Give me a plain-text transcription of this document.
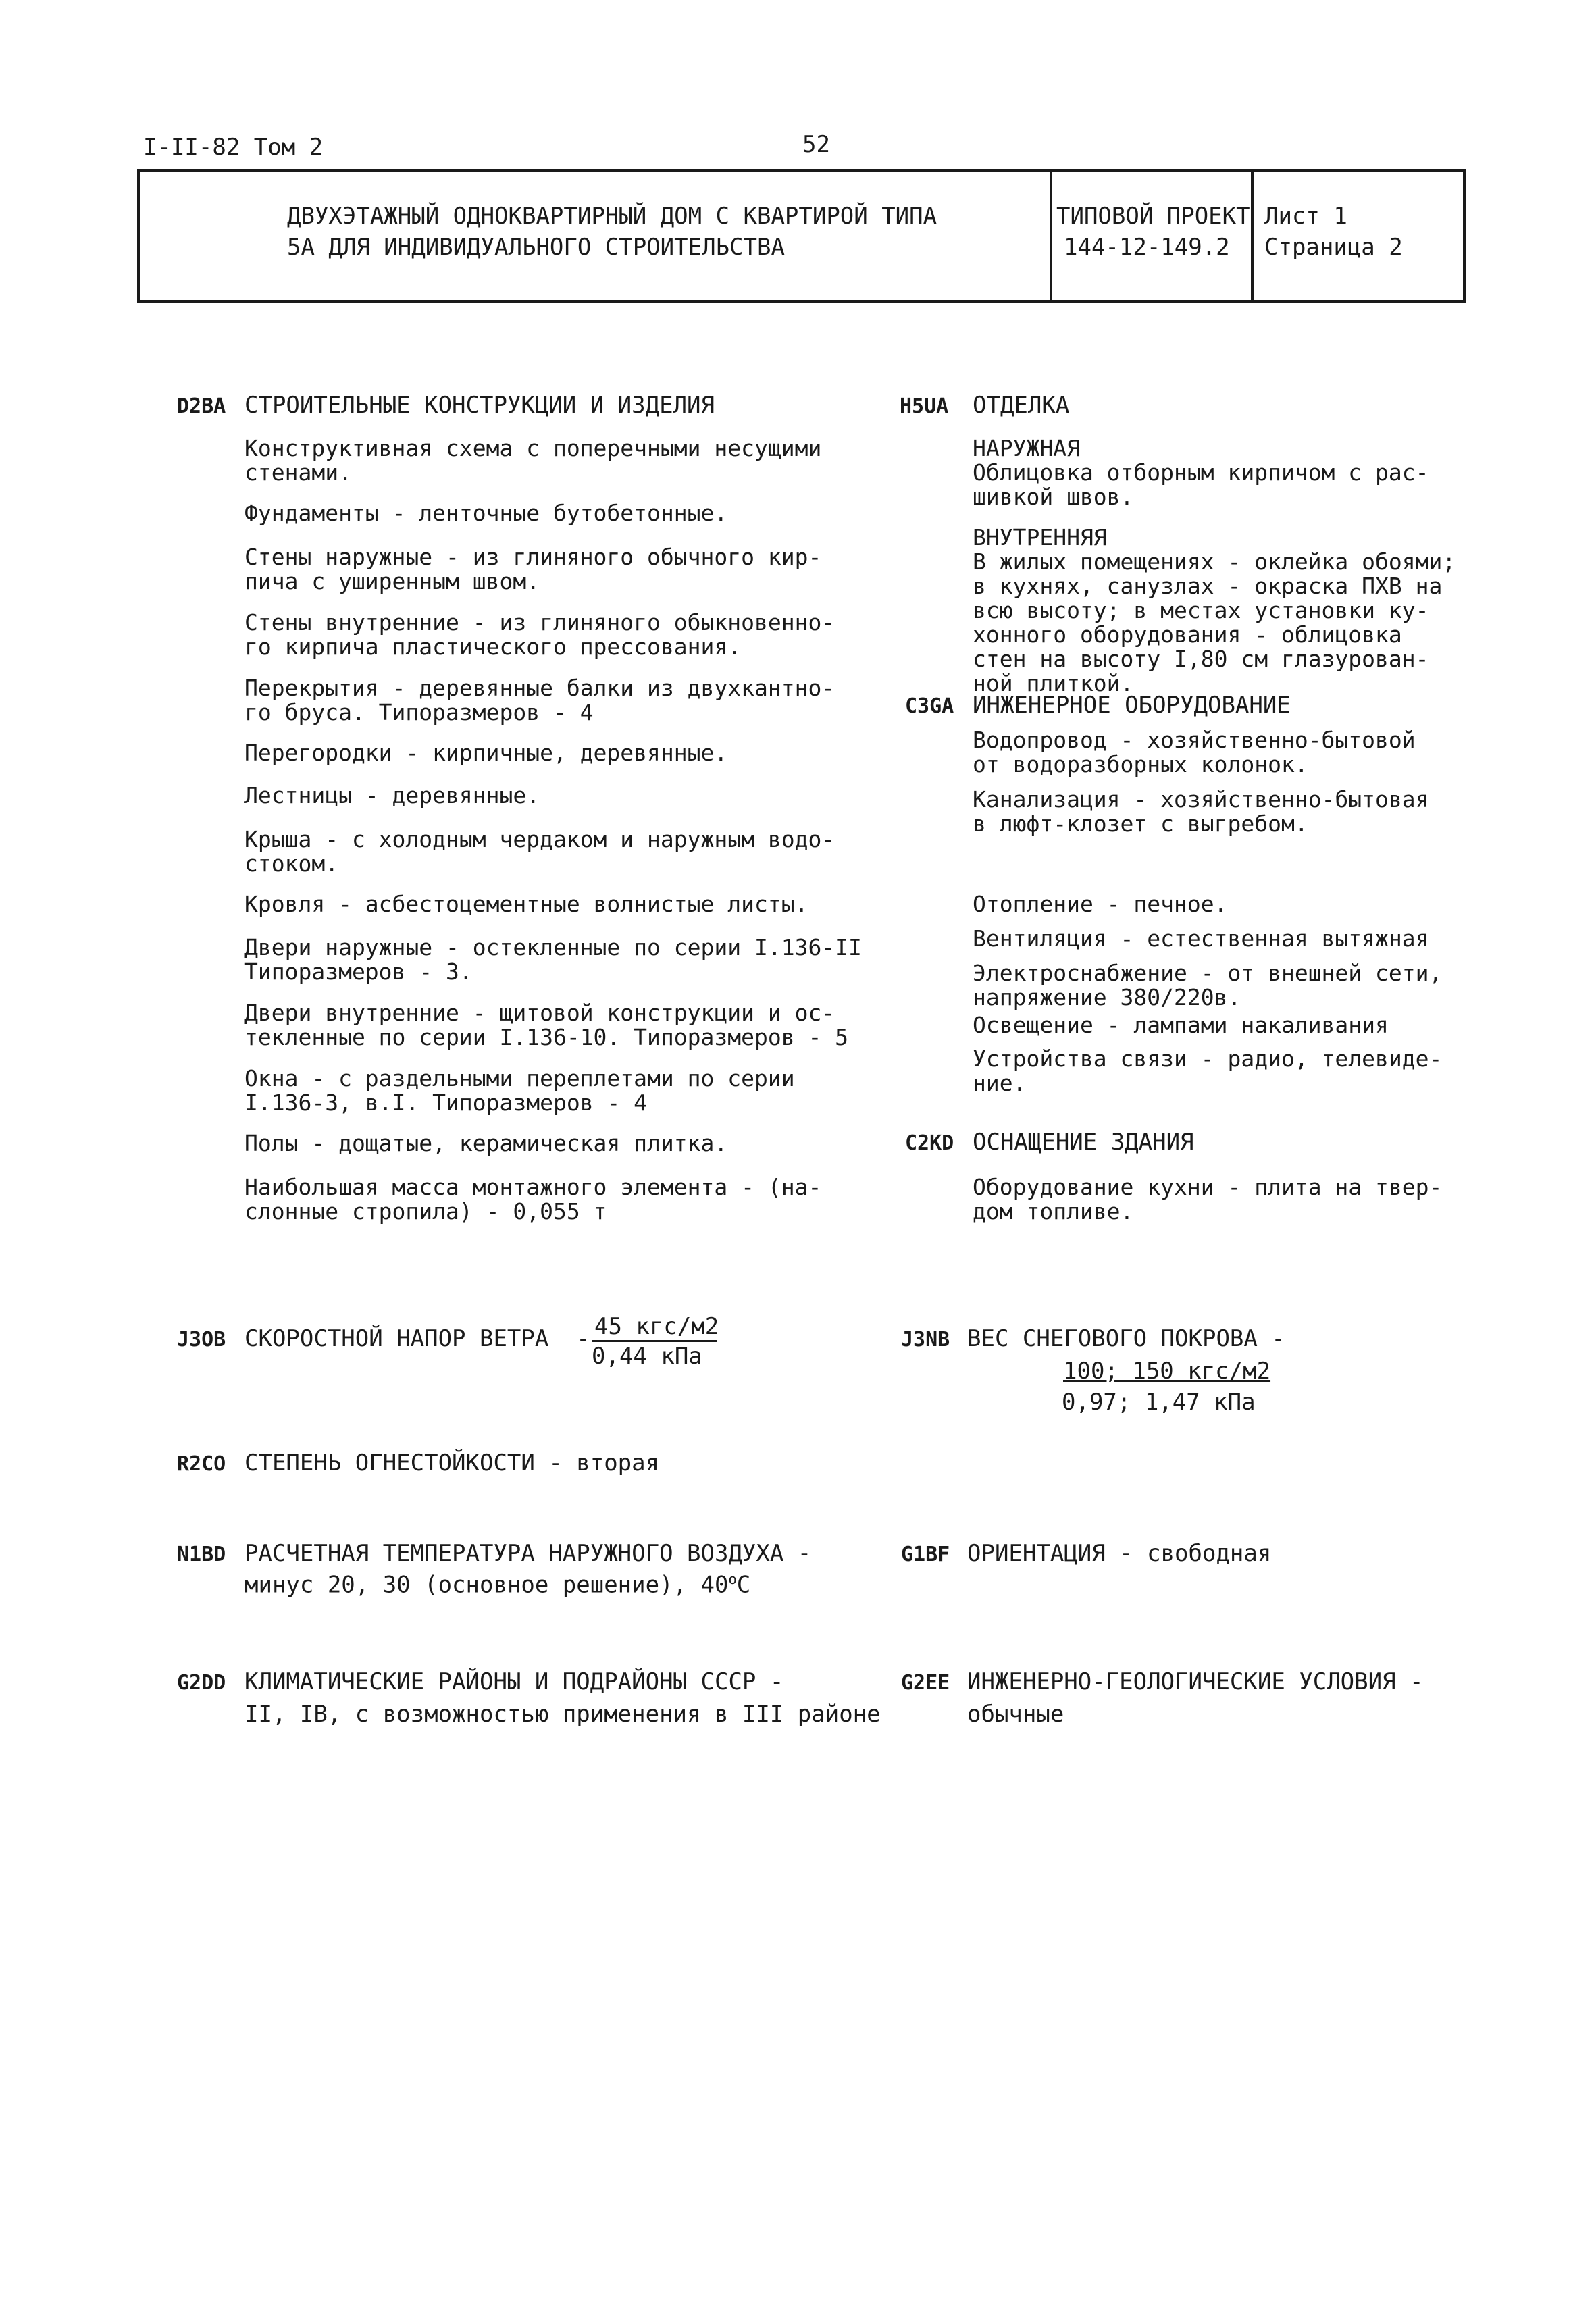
I-II-82 Том 2	52
ДВУХЭТАЖНЫЙ ОДНОКВАРТИРНЫЙ ДОМ С КВАРТИРОЙ ТИПА
5А ДЛЯ ИНДИВИДУАЛЬНОГО СТРОИТЕЛЬСТВА
ТИПОВОЙ ПРОЕКТ
144-12-149.2
Лист 1
Страница 2
D2BA СТРОИТЕЛЬНЫЕ КОНСТРУКЦИИ И ИЗДЕЛИЯ
Конструктивная схема с поперечными несущими
стенами.
Фундаменты - ленточные бутобетонные.
Стены наружные - из глиняного обычного кир-
пича с уширенным швом.
Стены внутренние - из глиняного обыкновенно-
го кирпича пластического прессования.
Перекрытия - деревянные балки из двухкантно-
го бруса. Типоразмеров - 4
Перегородки - кирпичные, деревянные.
Лестницы - деревянные.
Крыша - с холодным чердаком и наружным водо-
стоком.
Кровля - асбестоцементные волнистые листы.
Двери наружные - остекленные по серии I.136-II
Типоразмеров - 3.
Двери внутренние - щитовой конструкции и ос-
текленные по серии I.136-10. Типоразмеров - 5
Окна - с раздельными переплетами по серии
I.136-3, в.I. Типоразмеров - 4
Полы - дощатые, керамическая плитка.
Наибольшая масса монтажного элемента - (на-
слонные стропила) - 0,055 т
H5UA ОТДЕЛКА
НАРУЖНАЯ
Облицовка отборным кирпичом с рас-
шивкой швов.
ВНУТРЕННЯЯ
В жилых помещениях - оклейка обоями;
в кухнях, санузлах - окраска ПХВ на
всю высоту; в местах установки ку-
хонного оборудования - облицовка
стен на высоту I,80 см глазурован-
ной плиткой.
C3GA ИНЖЕНЕРНОЕ ОБОРУДОВАНИЕ
Водопровод - хозяйственно-бытовой
от водоразборных колонок.
Канализация - хозяйственно-бытовая
в люфт-клозет с выгребом.
Отопление - печное.
Вентиляция - естественная вытяжная
Электроснабжение - от внешней сети,
напряжение 380/220в.
Освещение - лампами накаливания
Устройства связи - радио, телевиде-
ние.
C2KD ОСНАЩЕНИЕ ЗДАНИЯ
Оборудование кухни - плита на твер-
дом топливе.
J3OB СКОРОСТНОЙ НАПОР ВЕТРА  - 45 кгс/м2
0,44 кПа
J3NB ВЕС СНЕГОВОГО ПОКРОВА -
100; 150 кгс/м2
0,97; 1,47 кПа
R2CO СТЕПЕНЬ ОГНЕСТОЙКОСТИ - вторая
N1BD РАСЧЕТНАЯ ТЕМПЕРАТУРА НАРУЖНОГО ВОЗДУХА -
минус 20, 30 (основное решение), $40^оС$
G1BF ОРИЕНТАЦИЯ - свободная
G2DD КЛИМАТИЧЕСКИЕ РАЙОНЫ И ПОДРАЙОНЫ СССР -
II, IB, с возможностью применения в III районе
G2EE ИНЖЕНЕРНО-ГЕОЛОГИЧЕСКИЕ УСЛОВИЯ -
обычные
